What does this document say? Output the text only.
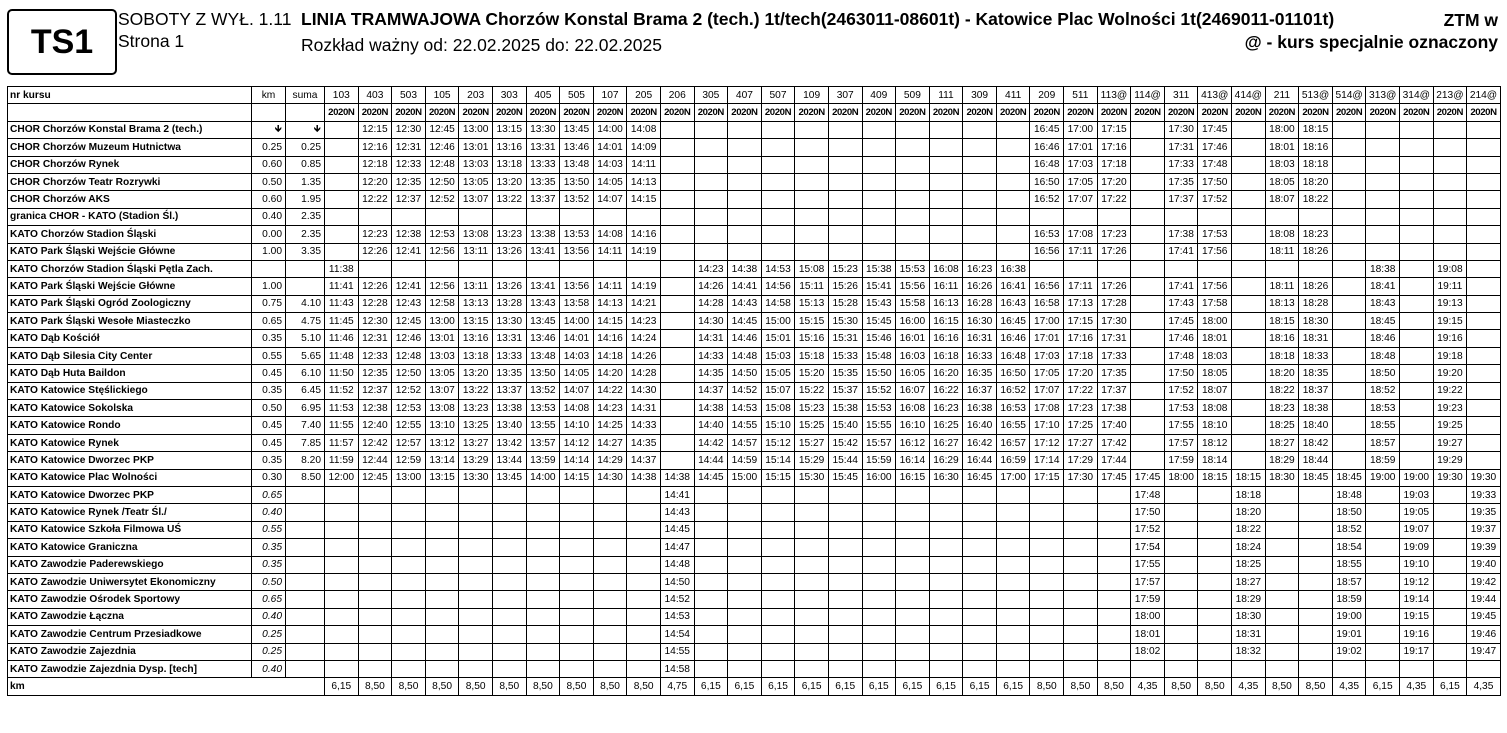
TS1
SOBOTY Z WYŁ. 1.11
Strona 1
LINIA TRAMWAJOWA Chorzów Konstal Brama 2 (tech.) 1t/tech(2463011-08601t) - Katowice Plac Wolności 1t(2469011-01101t)
Rozkład ważny od: 22.02.2025 do: 22.02.2025
ZTM w
@ - kurs specjalnie oznaczony
nr kursu	km	suma	103	403	503	105	203	303	405	505	107	205	206	305	407	507	109	307	409	509	111	309	411	209	511	113@	114@	311	413@	414@	211	513@	514@	313@	314@	213@	214@
			2020N	2020N	2020N	2020N	2020N	2020N	2020N	2020N	2020N	2020N	2020N	2020N	2020N	2020N	2020N	2020N	2020N	2020N	2020N	2020N	2020N	2020N	2020N	2020N	2020N	2020N	2020N	2020N	2020N	2020N	2020N	2020N	2020N	2020N	2020N
CHOR Chorzów Konstal Brama 2 (tech.)	🡻	🡻		12:15	12:30	12:45	13:00	13:15	13:30	13:45	14:00	14:08												16:45	17:00	17:15		17:30	17:45		18:00	18:15					
CHOR Chorzów Muzeum Hutnictwa	0.25	0.25		12:16	12:31	12:46	13:01	13:16	13:31	13:46	14:01	14:09												16:46	17:01	17:16		17:31	17:46		18:01	18:16					
CHOR Chorzów Rynek	0.60	0.85		12:18	12:33	12:48	13:03	13:18	13:33	13:48	14:03	14:11												16:48	17:03	17:18		17:33	17:48		18:03	18:18					
CHOR Chorzów Teatr Rozrywki	0.50	1.35		12:20	12:35	12:50	13:05	13:20	13:35	13:50	14:05	14:13												16:50	17:05	17:20		17:35	17:50		18:05	18:20					
CHOR Chorzów AKS	0.60	1.95		12:22	12:37	12:52	13:07	13:22	13:37	13:52	14:07	14:15												16:52	17:07	17:22		17:37	17:52		18:07	18:22					
granica CHOR - KATO (Stadion Śl.)	0.40	2.35																																			
KATO Chorzów Stadion Śląski	0.00	2.35		12:23	12:38	12:53	13:08	13:23	13:38	13:53	14:08	14:16												16:53	17:08	17:23		17:38	17:53		18:08	18:23					
KATO Park Śląski Wejście Główne	1.00	3.35		12:26	12:41	12:56	13:11	13:26	13:41	13:56	14:11	14:19												16:56	17:11	17:26		17:41	17:56		18:11	18:26					
KATO Chorzów Stadion Śląski Pętla Zach.			11:38											14:23	14:38	14:53	15:08	15:23	15:38	15:53	16:08	16:23	16:38											18:38		19:08	
KATO Park Śląski Wejście Główne	1.00		11:41	12:26	12:41	12:56	13:11	13:26	13:41	13:56	14:11	14:19		14:26	14:41	14:56	15:11	15:26	15:41	15:56	16:11	16:26	16:41	16:56	17:11	17:26		17:41	17:56		18:11	18:26		18:41		19:11	
KATO Park Śląski Ogród Zoologiczny	0.75	4.10	11:43	12:28	12:43	12:58	13:13	13:28	13:43	13:58	14:13	14:21		14:28	14:43	14:58	15:13	15:28	15:43	15:58	16:13	16:28	16:43	16:58	17:13	17:28		17:43	17:58		18:13	18:28		18:43		19:13	
KATO Park Śląski Wesołe Miasteczko	0.65	4.75	11:45	12:30	12:45	13:00	13:15	13:30	13:45	14:00	14:15	14:23		14:30	14:45	15:00	15:15	15:30	15:45	16:00	16:15	16:30	16:45	17:00	17:15	17:30		17:45	18:00		18:15	18:30		18:45		19:15	
KATO Dąb Kościół	0.35	5.10	11:46	12:31	12:46	13:01	13:16	13:31	13:46	14:01	14:16	14:24		14:31	14:46	15:01	15:16	15:31	15:46	16:01	16:16	16:31	16:46	17:01	17:16	17:31		17:46	18:01		18:16	18:31		18:46		19:16	
KATO Dąb Silesia City Center	0.55	5.65	11:48	12:33	12:48	13:03	13:18	13:33	13:48	14:03	14:18	14:26		14:33	14:48	15:03	15:18	15:33	15:48	16:03	16:18	16:33	16:48	17:03	17:18	17:33		17:48	18:03		18:18	18:33		18:48		19:18	
KATO Dąb Huta Baildon	0.45	6.10	11:50	12:35	12:50	13:05	13:20	13:35	13:50	14:05	14:20	14:28		14:35	14:50	15:05	15:20	15:35	15:50	16:05	16:20	16:35	16:50	17:05	17:20	17:35		17:50	18:05		18:20	18:35		18:50		19:20	
KATO Katowice Stęślickiego	0.35	6.45	11:52	12:37	12:52	13:07	13:22	13:37	13:52	14:07	14:22	14:30		14:37	14:52	15:07	15:22	15:37	15:52	16:07	16:22	16:37	16:52	17:07	17:22	17:37		17:52	18:07		18:22	18:37		18:52		19:22	
KATO Katowice Sokolska	0.50	6.95	11:53	12:38	12:53	13:08	13:23	13:38	13:53	14:08	14:23	14:31		14:38	14:53	15:08	15:23	15:38	15:53	16:08	16:23	16:38	16:53	17:08	17:23	17:38		17:53	18:08		18:23	18:38		18:53		19:23	
KATO Katowice Rondo	0.45	7.40	11:55	12:40	12:55	13:10	13:25	13:40	13:55	14:10	14:25	14:33		14:40	14:55	15:10	15:25	15:40	15:55	16:10	16:25	16:40	16:55	17:10	17:25	17:40		17:55	18:10		18:25	18:40		18:55		19:25	
KATO Katowice Rynek	0.45	7.85	11:57	12:42	12:57	13:12	13:27	13:42	13:57	14:12	14:27	14:35		14:42	14:57	15:12	15:27	15:42	15:57	16:12	16:27	16:42	16:57	17:12	17:27	17:42		17:57	18:12		18:27	18:42		18:57		19:27	
KATO Katowice Dworzec PKP	0.35	8.20	11:59	12:44	12:59	13:14	13:29	13:44	13:59	14:14	14:29	14:37		14:44	14:59	15:14	15:29	15:44	15:59	16:14	16:29	16:44	16:59	17:14	17:29	17:44		17:59	18:14		18:29	18:44		18:59		19:29	
KATO Katowice Plac Wolności	0.30	8.50	12:00	12:45	13:00	13:15	13:30	13:45	14:00	14:15	14:30	14:38	14:38	14:45	15:00	15:15	15:30	15:45	16:00	16:15	16:30	16:45	17:00	17:15	17:30	17:45	17:45	18:00	18:15	18:15	18:30	18:45	18:45	19:00	19:00	19:30	19:30
KATO Katowice Dworzec PKP	0.65												14:41														17:48			18:18			18:48		19:03		19:33
KATO Katowice Rynek /Teatr Śl./	0.40												14:43														17:50			18:20			18:50		19:05		19:35
KATO Katowice Szkoła Filmowa UŚ	0.55												14:45														17:52			18:22			18:52		19:07		19:37
KATO Katowice Graniczna	0.35												14:47														17:54			18:24			18:54		19:09		19:39
KATO Zawodzie Paderewskiego	0.35												14:48														17:55			18:25			18:55		19:10		19:40
KATO Zawodzie Uniwersytet Ekonomiczny	0.50												14:50														17:57			18:27			18:57		19:12		19:42
KATO Zawodzie Ośrodek Sportowy	0.65												14:52														17:59			18:29			18:59		19:14		19:44
KATO Zawodzie Łączna	0.40												14:53														18:00			18:30			19:00		19:15		19:45
KATO Zawodzie Centrum Przesiadkowe	0.25												14:54														18:01			18:31			19:01		19:16		19:46
KATO Zawodzie Zajezdnia	0.25												14:55														18:02			18:32			19:02		19:17		19:47
KATO Zawodzie Zajezdnia Dysp. [tech]	0.40												14:58																								
km			6,15	8,50	8,50	8,50	8,50	8,50	8,50	8,50	8,50	8,50	4,75	6,15	6,15	6,15	6,15	6,15	6,15	6,15	6,15	6,15	6,15	8,50	8,50	8,50	4,35	8,50	8,50	4,35	8,50	8,50	4,35	6,15	4,35	6,15	4,35
